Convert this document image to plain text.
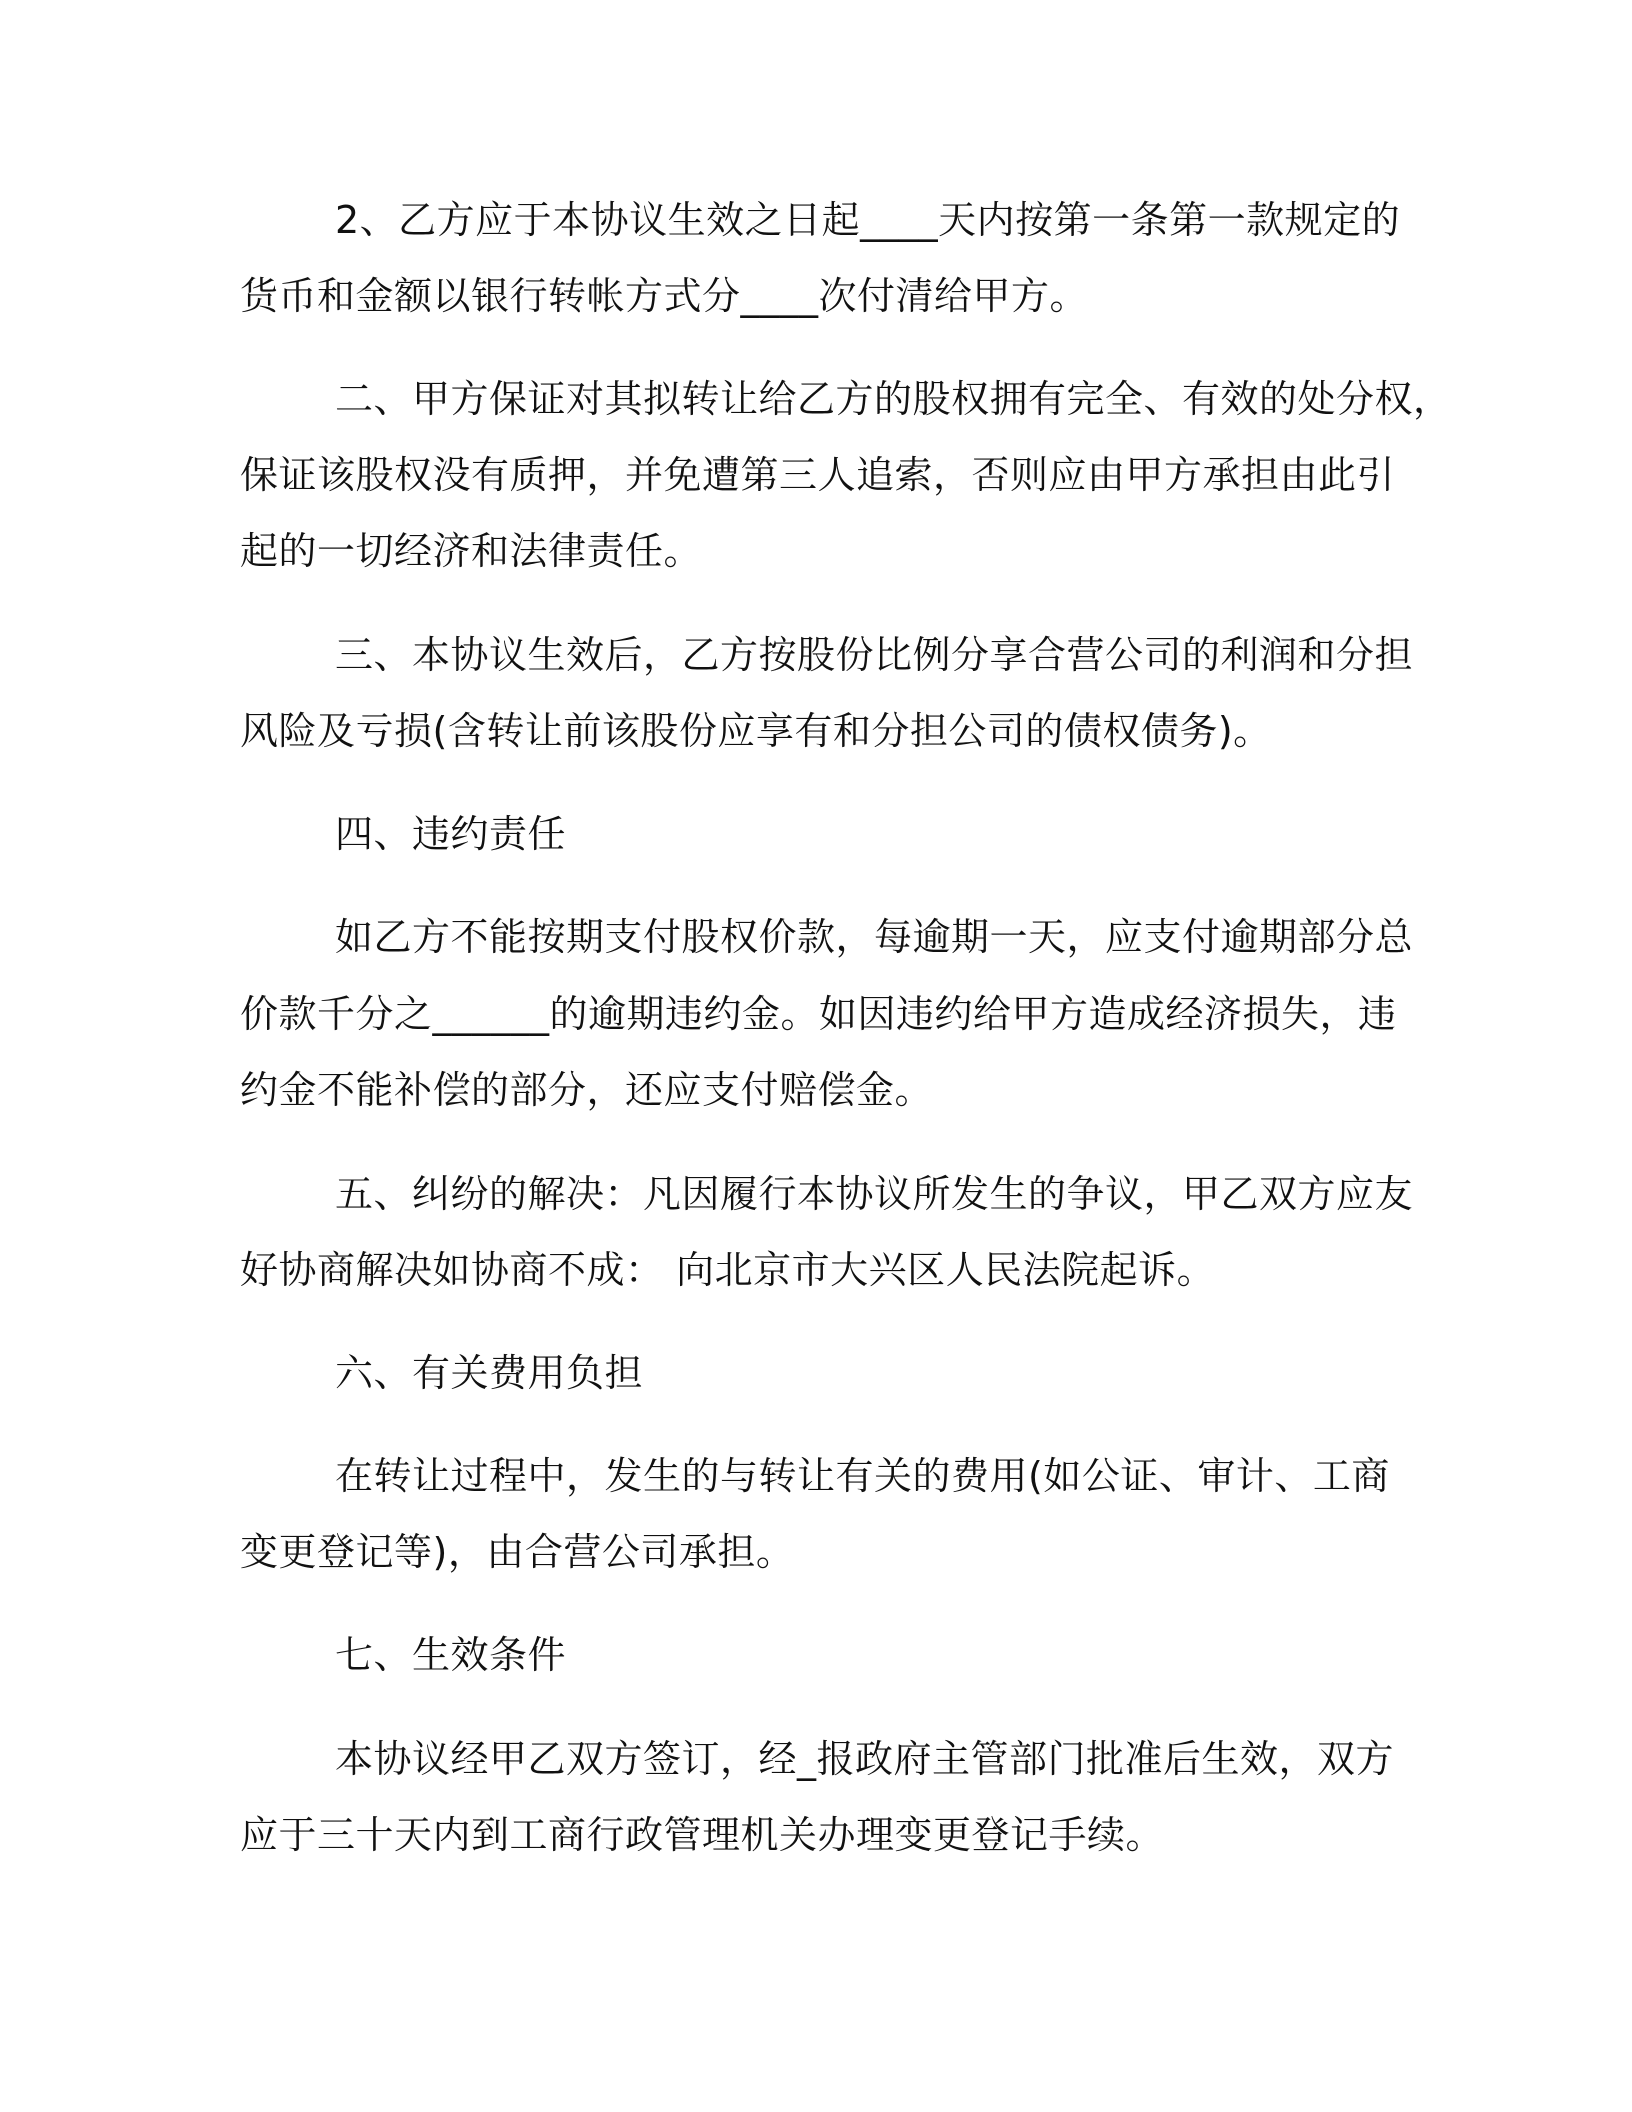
2、乙方应于本协议生效之日起____天内按第一条第一款规定的
货币和金额以银行转帐方式分____次付清给甲方。
二、甲方保证对其拟转让给乙方的股权拥有完全、有效的处分权，
保证该股权没有质押，并免遭第三人追索，否则应由甲方承担由此引
起的一切经济和法律责任。
三、本协议生效后，乙方按股份比例分享合营公司的利润和分担
风险及亏损(含转让前该股份应享有和分担公司的债权债务)。
四、违约责任
如乙方不能按期支付股权价款，每逾期一天，应支付逾期部分总
价款千分之______的逾期违约金。如因违约给甲方造成经济损失，违
约金不能补偿的部分，还应支付赔偿金。
五、纠纷的解决：凡因履行本协议所发生的争议，甲乙双方应友
好协商解决如协商不成： 向北京市大兴区人民法院起诉。
六、有关费用负担
在转让过程中，发生的与转让有关的费用(如公证、审计、工商
变更登记等)，由合营公司承担。
七、生效条件
本协议经甲乙双方签订，经_报政府主管部门批准后生效，双方
应于三十天内到工商行政管理机关办理变更登记手续。
